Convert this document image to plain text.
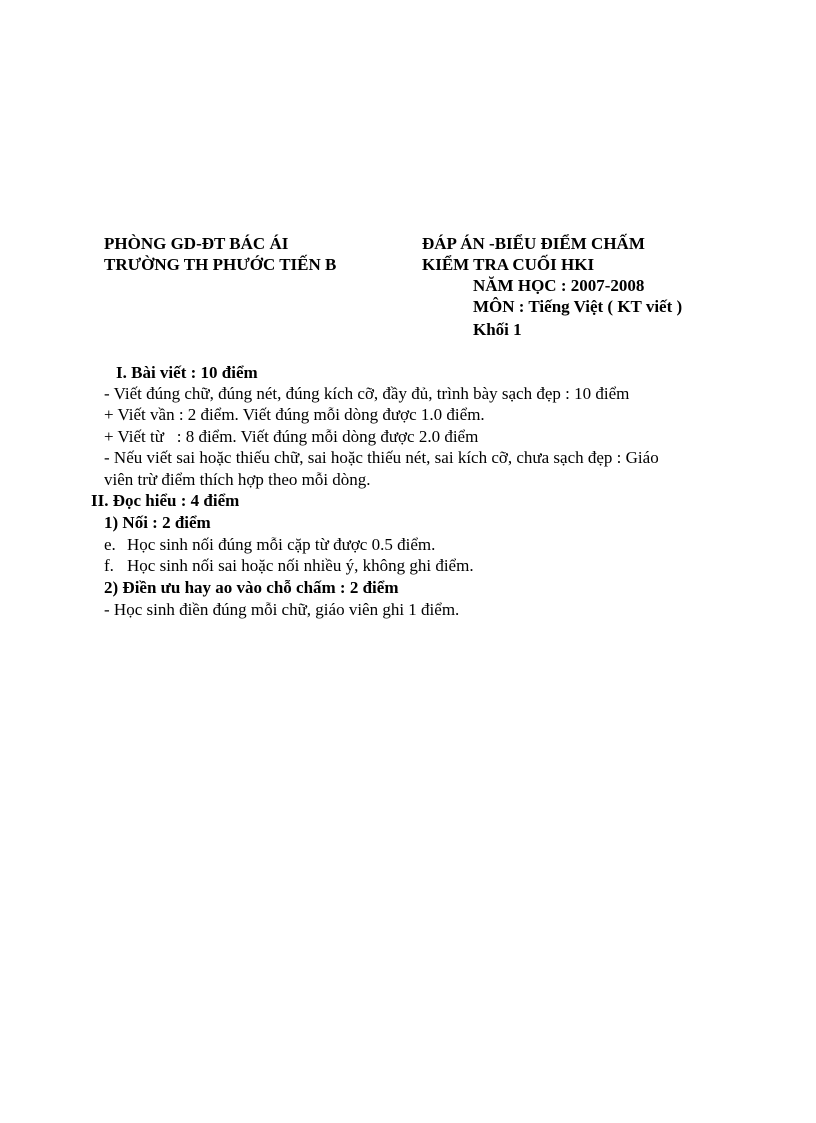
PHÒNG GD-ĐT BÁC ÁI
TRƯỜNG TH PHƯỚC TIẾN B
ĐÁP ÁN -BIỂU ĐIỂM CHẤM
KIỂM TRA CUỐI HKI
NĂM HỌC : 2007-2008
MÔN : Tiếng Việt ( KT viết )
Khối 1
I. Bài viết : 10 điểm
- Viết đúng chữ, đúng nét, đúng kích cỡ, đầy đủ, trình bày sạch đẹp : 10 điểm
+ Viết vần : 2 điểm. Viết đúng mỗi dòng được 1.0 điểm.
+ Viết từ   : 8 điểm. Viết đúng mỗi dòng được 2.0 điểm
- Nếu viết sai hoặc thiếu chữ, sai hoặc thiếu nét, sai kích cỡ, chưa sạch đẹp : Giáo
viên trừ điểm thích hợp theo mỗi dòng.
II. Đọc hiểu : 4 điểm
1) Nối : 2 điểm
e. Học sinh nối đúng mỗi cặp từ được 0.5 điểm.
f. Học sinh nối sai hoặc nối nhiều ý, không ghi điểm.
2) Điền ưu hay ao vào chỗ chấm : 2 điểm
- Học sinh điền đúng mỗi chữ, giáo viên ghi 1 điểm.
